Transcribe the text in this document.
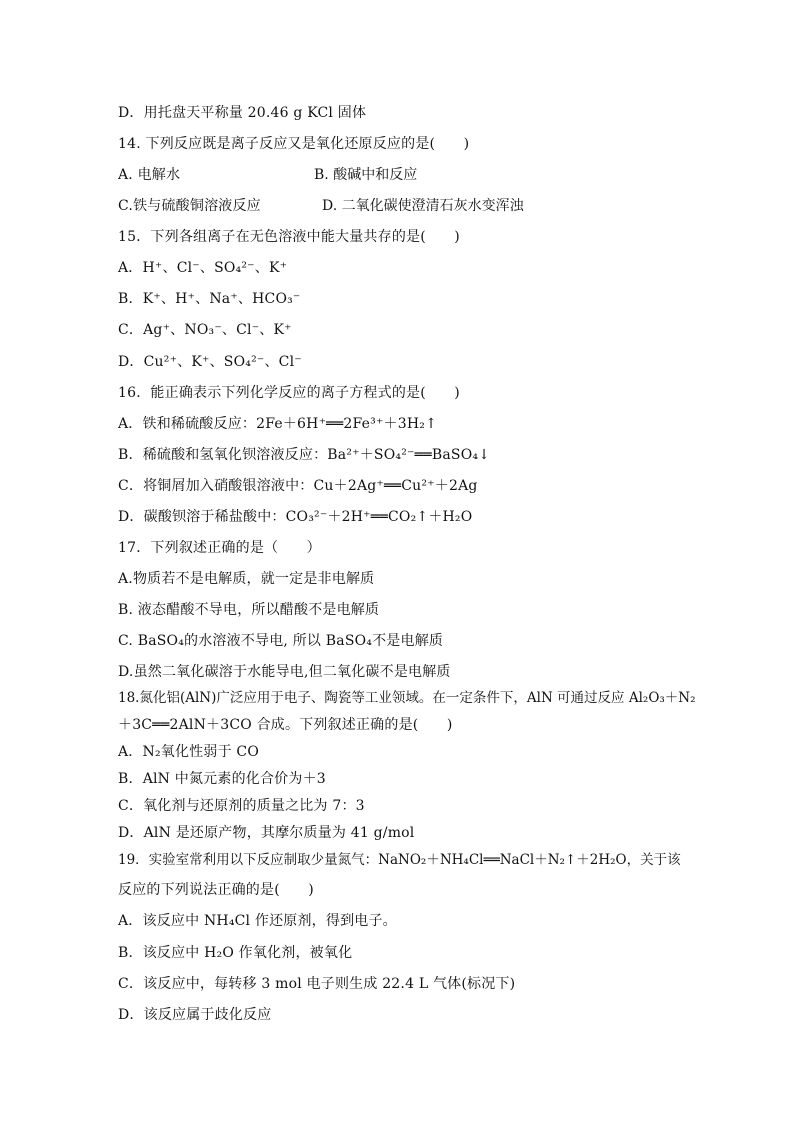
D．用托盘天平称量 20.46 g KCl 固体
14. 下列反应既是离子反应又是氧化还原反应的是(　　)
A. 电解水	B. 酸碱中和反应
C.铁与硫酸铜溶液反应	D. 二氧化碳使澄清石灰水变浑浊
15．下列各组离子在无色溶液中能大量共存的是(　　)
A．H⁺、Cl⁻、SO₄²⁻、K⁺
B．K⁺、H⁺、Na⁺、HCO₃⁻
C．Ag⁺、NO₃⁻、Cl⁻、K⁺
D．Cu²⁺、K⁺、SO₄²⁻、Cl⁻
16．能正确表示下列化学反应的离子方程式的是(　　)
A．铁和稀硫酸反应：2Fe＋6H⁺══2Fe³⁺＋3H₂↑
B．稀硫酸和氢氧化钡溶液反应：Ba²⁺＋SO₄²⁻══BaSO₄↓
C．将铜屑加入硝酸银溶液中：Cu＋2Ag⁺══Cu²⁺＋2Ag
D．碳酸钡溶于稀盐酸中：CO₃²⁻＋2H⁺══CO₂↑＋H₂O
17．下列叙述正确的是（　　）
A.物质若不是电解质，就一定是非电解质
B. 液态醋酸不导电，所以醋酸不是电解质
C. BaSO₄的水溶液不导电, 所以 BaSO₄不是电解质
D.虽然二氧化碳溶于水能导电,但二氧化碳不是电解质
18.氮化铝(AlN)广泛应用于电子、陶瓷等工业领域。在一定条件下，AlN 可通过反应 Al₂O₃＋N₂
＋3C══2AlN＋3CO 合成。下列叙述正确的是(　　)
A．N₂氧化性弱于 CO
B．AlN 中氮元素的化合价为＋3
C．氧化剂与还原剂的质量之比为 7：3
D．AlN 是还原产物，其摩尔质量为 41 g/mol
19．实验室常利用以下反应制取少量氮气：NaNO₂＋NH₄Cl══NaCl＋N₂↑＋2H₂O，关于该
反应的下列说法正确的是(　　)
A．该反应中 NH₄Cl 作还原剂，得到电子。
B．该反应中 H₂O 作氧化剂，被氧化
C．该反应中，每转移 3 mol 电子则生成 22.4 L 气体(标况下)
D．该反应属于歧化反应
